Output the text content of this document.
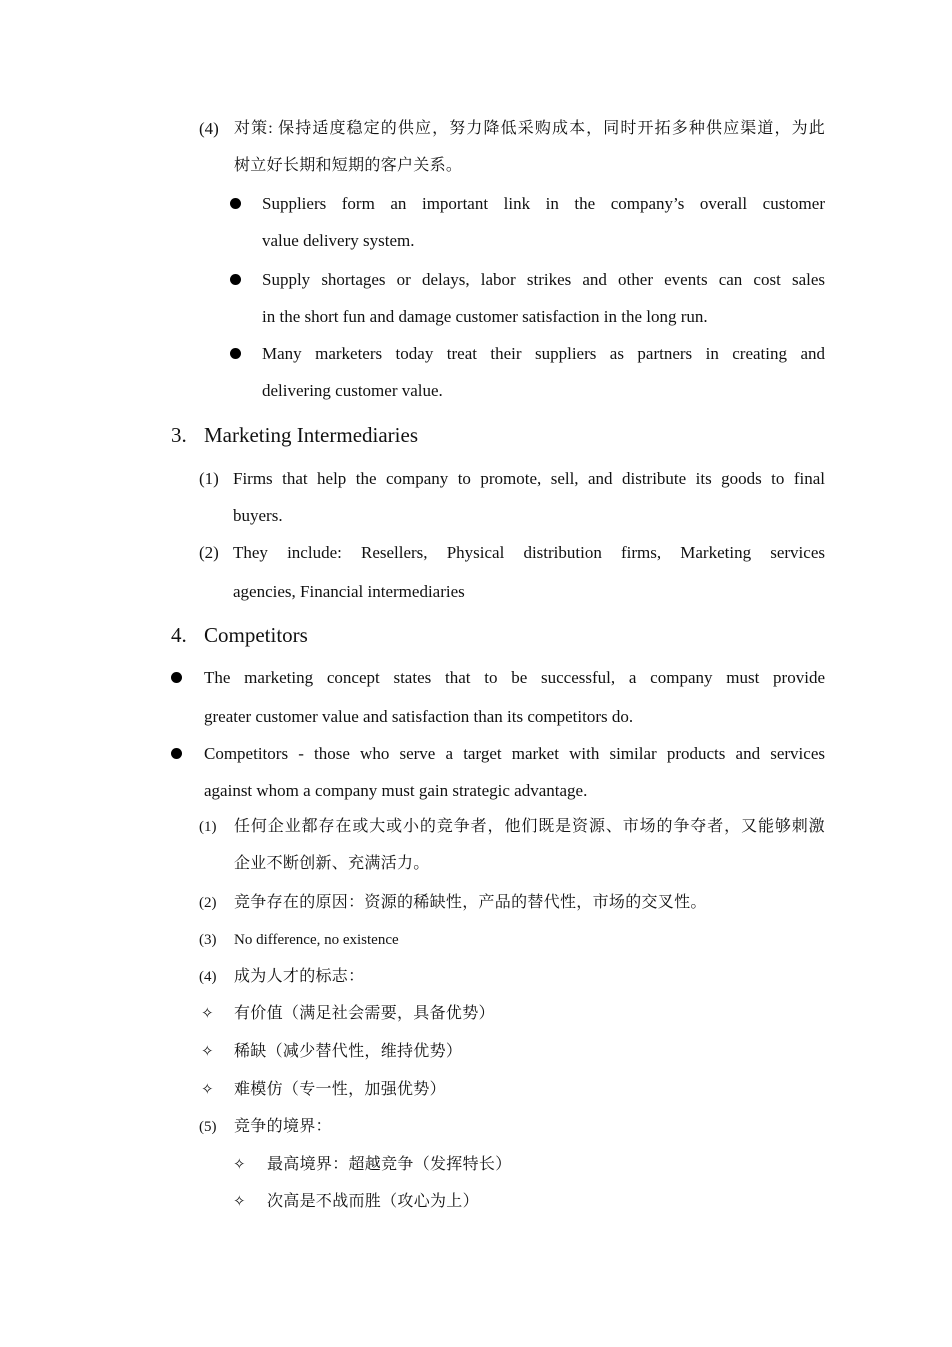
(4) 对策: 保持适度稳定的供应，努力降低采购成本，同时开拓多种供应渠道，为此
树立好长期和短期的客户关系。
Suppliers form an important link in the company’s overall customer
value delivery system.
Supply shortages or delays, labor strikes and other events can cost sales
in the short fun and damage customer satisfaction in the long run.
Many marketers today treat their suppliers as partners in creating and
delivering customer value.
3. Marketing Intermediaries
(1) Firms that help the company to promote, sell, and distribute its goods to final
buyers.
(2) They include: Resellers, Physical distribution firms, Marketing services
agencies, Financial intermediaries
4. Competitors
The marketing concept states that to be successful, a company must provide
greater customer value and satisfaction than its competitors do.
Competitors - those who serve a target market with similar products and services
against whom a company must gain strategic advantage.
(1) 任何企业都存在或大或小的竞争者，他们既是资源、市场的争夺者，又能够刺激
企业不断创新、充满活力。
(2) 竞争存在的原因：资源的稀缺性，产品的替代性，市场的交叉性。
(3) No difference, no existence
(4) 成为人才的标志：
✧ 有价值（满足社会需要，具备优势）
✧ 稀缺（减少替代性，维持优势）
✧ 难模仿（专一性，加强优势）
(5) 竞争的境界：
✧ 最高境界：超越竞争（发挥特长）
✧ 次高是不战而胜（攻心为上）
